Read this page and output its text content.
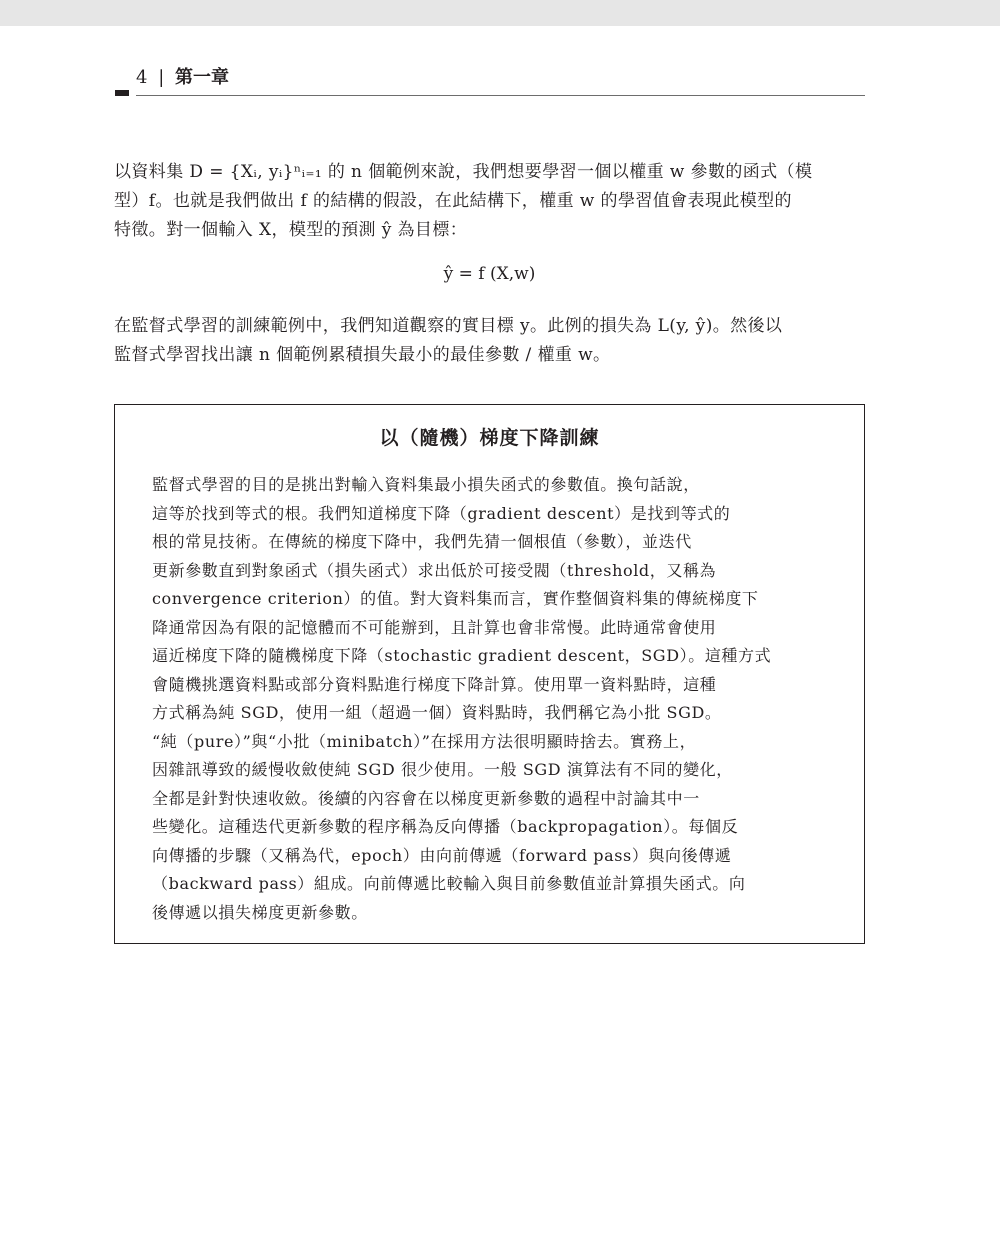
4 | 第一章
以資料集 D = {Xᵢ, yᵢ}ⁿᵢ₌₁ 的 n 個範例來說，我們想要學習一個以權重 w 參數的函式（模
型）f。也就是我們做出 f 的結構的假設，在此結構下，權重 w 的學習值會表現此模型的
特徵。對一個輸入 X，模型的預測 ŷ 為目標：
ŷ = f (X,w)
在監督式學習的訓練範例中，我們知道觀察的實目標 y。此例的損失為 L(y, ŷ)。然後以
監督式學習找出讓 n 個範例累積損失最小的最佳參數 / 權重 w。
以（隨機）梯度下降訓練
監督式學習的目的是挑出對輸入資料集最小損失函式的參數值。換句話說，
這等於找到等式的根。我們知道梯度下降（gradient descent）是找到等式的
根的常見技術。在傳統的梯度下降中，我們先猜一個根值（參數），並迭代
更新參數直到對象函式（損失函式）求出低於可接受閥（threshold，又稱為
convergence criterion）的值。對大資料集而言，實作整個資料集的傳統梯度下
降通常因為有限的記憶體而不可能辦到，且計算也會非常慢。此時通常會使用
逼近梯度下降的隨機梯度下降（stochastic gradient descent，SGD）。這種方式
會隨機挑選資料點或部分資料點進行梯度下降計算。使用單一資料點時，這種
方式稱為純 SGD，使用一組（超過一個）資料點時，我們稱它為小批 SGD。
“純（pure）”與“小批（minibatch）”在採用方法很明顯時捨去。實務上，
因雜訊導致的緩慢收斂使純 SGD 很少使用。一般 SGD 演算法有不同的變化，
全都是針對快速收斂。後續的內容會在以梯度更新參數的過程中討論其中一
些變化。這種迭代更新參數的程序稱為反向傳播（backpropagation）。每個反
向傳播的步驟（又稱為代，epoch）由向前傳遞（forward pass）與向後傳遞
（backward pass）組成。向前傳遞比較輸入與目前參數值並計算損失函式。向
後傳遞以損失梯度更新參數。
